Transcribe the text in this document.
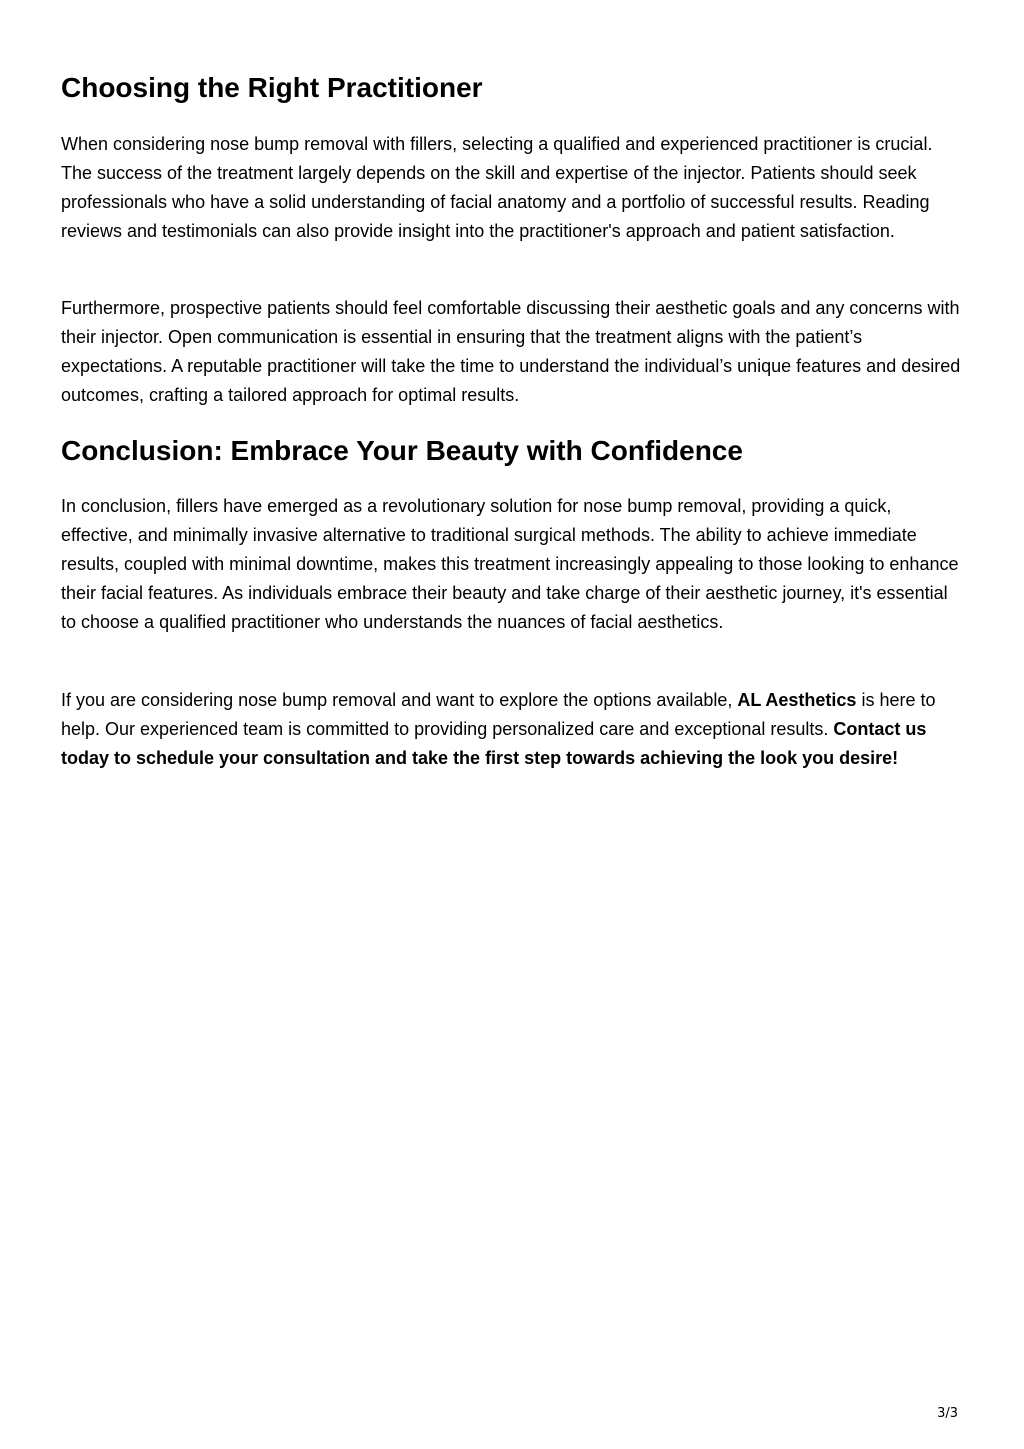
Choosing the Right Practitioner

When considering nose bump removal with fillers, selecting a qualified and experienced practitioner is crucial. The success of the treatment largely depends on the skill and expertise of the injector. Patients should seek professionals who have a solid understanding of facial anatomy and a portfolio of successful results. Reading reviews and testimonials can also provide insight into the practitioner's approach and patient satisfaction.

Furthermore, prospective patients should feel comfortable discussing their aesthetic goals and any concerns with their injector. Open communication is essential in ensuring that the treatment aligns with the patient’s expectations. A reputable practitioner will take the time to understand the individual’s unique features and desired outcomes, crafting a tailored approach for optimal results.

Conclusion: Embrace Your Beauty with Confidence

In conclusion, fillers have emerged as a revolutionary solution for nose bump removal, providing a quick, effective, and minimally invasive alternative to traditional surgical methods. The ability to achieve immediate results, coupled with minimal downtime, makes this treatment increasingly appealing to those looking to enhance their facial features. As individuals embrace their beauty and take charge of their aesthetic journey, it's essential to choose a qualified practitioner who understands the nuances of facial aesthetics.

If you are considering nose bump removal and want to explore the options available, AL Aesthetics is here to help. Our experienced team is committed to providing personalized care and exceptional results. Contact us today to schedule your consultation and take the first step towards achieving the look you desire!

3/3
